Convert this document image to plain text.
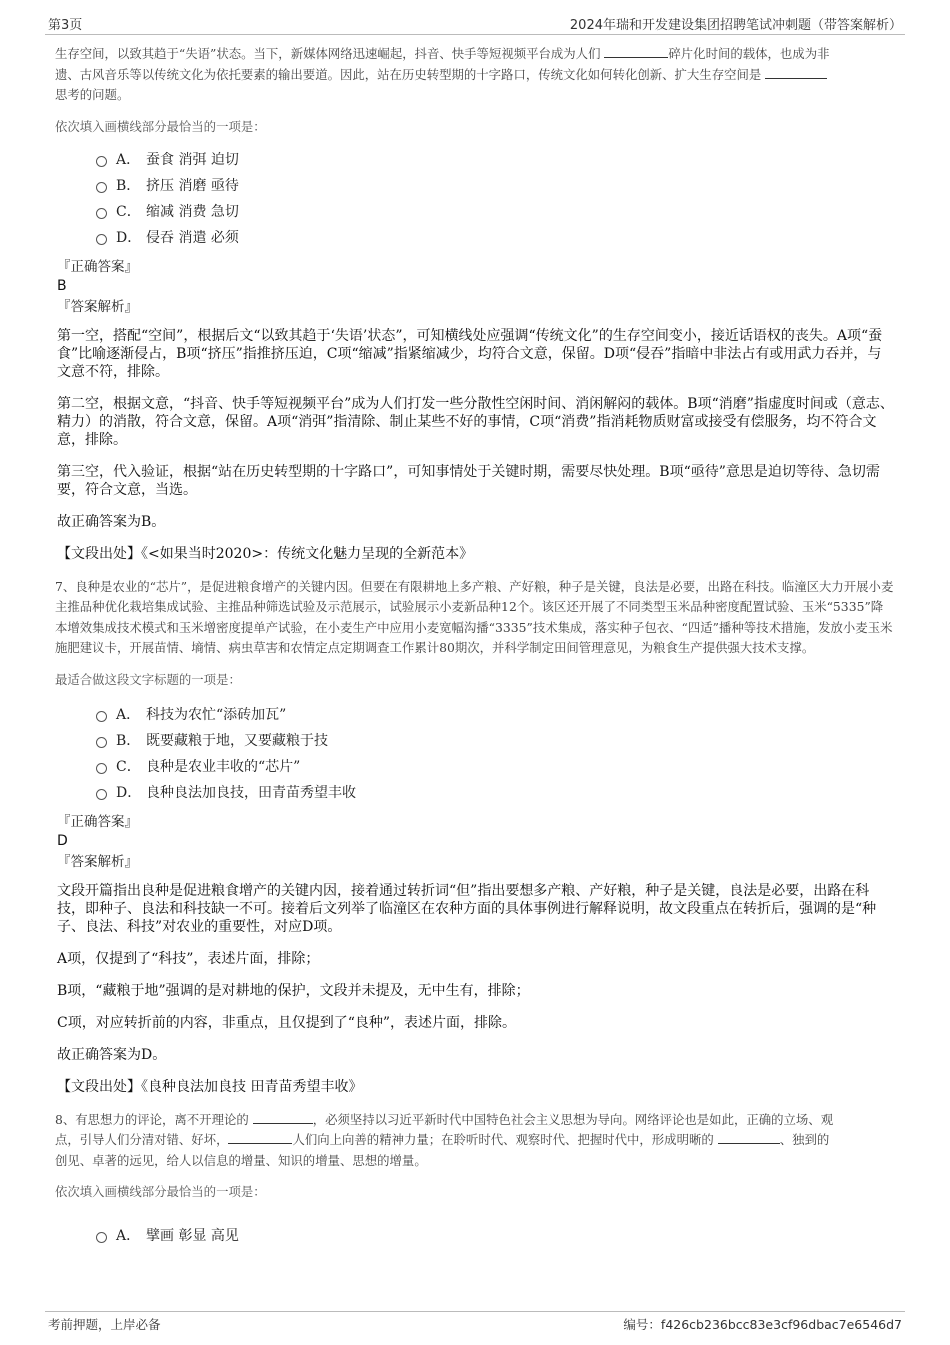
第3页	2024年瑞和开发建设集团招聘笔试冲刺题（带答案解析）

生存空间，以致其趋于“失语”状态。当下，新媒体网络迅速崛起，抖音、快手等短视频平台成为人们	碎片化时间的载体，也成为非
遗、古风音乐等以传统文化为依托要素的输出要道。因此，站在历史转型期的十字路口，传统文化如何转化创新、扩大生存空间是
思考的问题。

依次填入画横线部分最恰当的一项是：

A． 蚕食 消弭 迫切
B． 挤压 消磨 亟待
C． 缩减 消费 急切
D． 侵吞 消遣 必须

『正确答案』

B

『答案解析』

第一空，搭配“空间”，根据后文“以致其趋于‘失语’状态”，可知横线处应强调“传统文化”的生存空间变小，接近话语权的丧失。A项“蚕食”比喻逐渐侵占，B项“挤压”指推挤压迫，C项“缩减”指紧缩减少，均符合文意，保留。D项“侵吞”指暗中非法占有或用武力吞并，与文意不符，排除。

第二空，根据文意，“抖音、快手等短视频平台”成为人们打发一些分散性空闲时间、消闲解闷的载体。B项“消磨”指虚度时间或（意志、精力）的消散，符合文意，保留。A项“消弭”指清除、制止某些不好的事情，C项“消费”指消耗物质财富或接受有偿服务，均不符合文意，排除。

第三空，代入验证，根据“站在历史转型期的十字路口”，可知事情处于关键时期，需要尽快处理。B项“亟待”意思是迫切等待、急切需要，符合文意，当选。

故正确答案为B。

【文段出处】《<如果当时2020>：传统文化魅力呈现的全新范本》

7、良种是农业的“芯片”，是促进粮食增产的关键内因。但要在有限耕地上多产粮、产好粮，种子是关键，良法是必要，出路在科技。临潼区大力开展小麦主推品种优化栽培集成试验、主推品种筛选试验及示范展示，试验展示小麦新品种12个。该区还开展了不同类型玉米品种密度配置试验、玉米“5335”降本增效集成技术模式和玉米增密度提单产试验，在小麦生产中应用小麦宽幅沟播“3335”技术集成，落实种子包衣、“四适”播种等技术措施，发放小麦玉米施肥建议卡，开展苗情、墒情、病虫草害和农情定点定期调查工作累计80期次，并科学制定田间管理意见，为粮食生产提供强大技术支撑。

最适合做这段文字标题的一项是：

A． 科技为农忙“添砖加瓦”
B． 既要藏粮于地，又要藏粮于技
C． 良种是农业丰收的“芯片”
D． 良种良法加良技，田青苗秀望丰收

『正确答案』

D

『答案解析』

文段开篇指出良种是促进粮食增产的关键内因，接着通过转折词“但”指出要想多产粮、产好粮，种子是关键，良法是必要，出路在科技，即种子、良法和科技缺一不可。接着后文列举了临潼区在农种方面的具体事例进行解释说明，故文段重点在转折后，强调的是“种子、良法、科技”对农业的重要性，对应D项。

A项，仅提到了“科技”，表述片面，排除；

B项，“藏粮于地”强调的是对耕地的保护，文段并未提及，无中生有，排除；

C项，对应转折前的内容，非重点，且仅提到了“良种”，表述片面，排除。

故正确答案为D。

【文段出处】《良种良法加良技 田青苗秀望丰收》

8、有思想力的评论，离不开理论的	，必须坚持以习近平新时代中国特色社会主义思想为导向。网络评论也是如此，正确的立场、观
点，引导人们分清对错、好坏，	人们向上向善的精神力量；在聆听时代、观察时代、把握时代中，形成明晰的	、独到的
创见、卓著的远见，给人以信息的增量、知识的增量、思想的增量。

依次填入画横线部分最恰当的一项是：

A． 擘画 彰显 高见
考前押题，上岸必备	编号：f426cb236bcc83e3cf96dbac7e6546d7
